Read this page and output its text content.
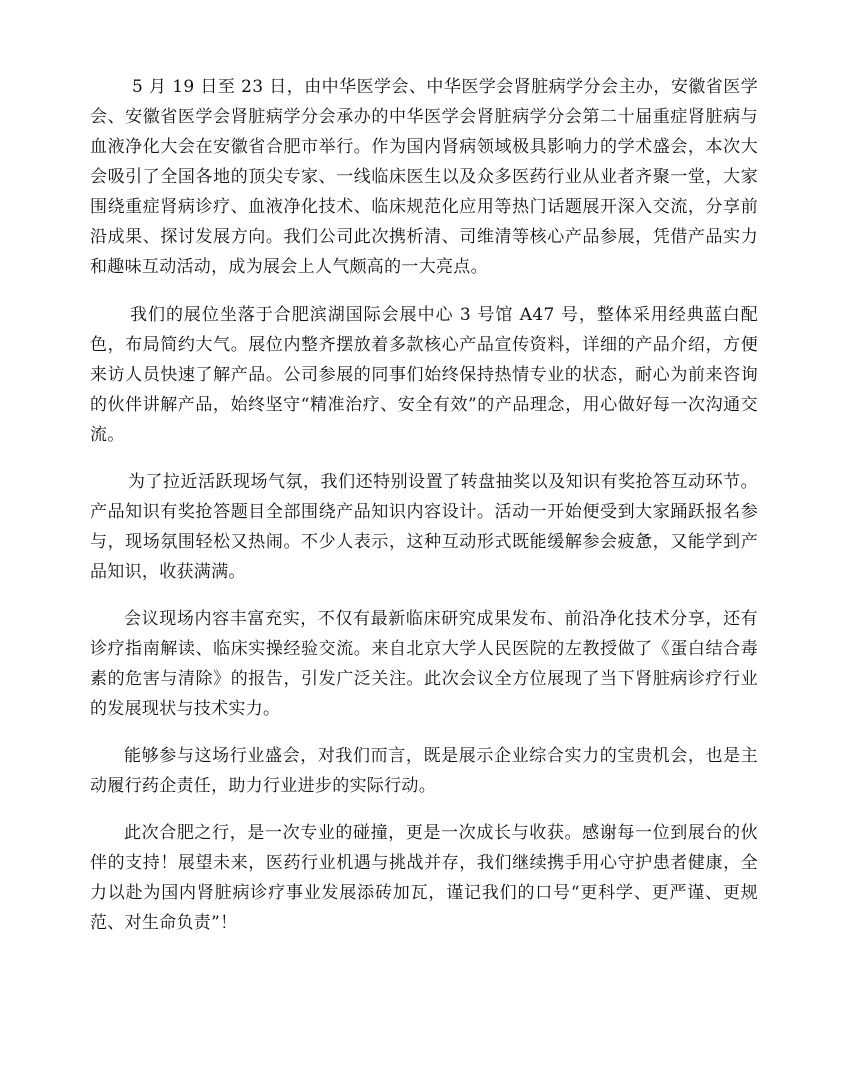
5 月 19 日至 23 日，由中华医学会、中华医学会肾脏病学分会主办，安徽省医学会、安徽省医学会肾脏病学分会承办的中华医学会肾脏病学分会第二十届重症肾脏病与血液净化大会在安徽省合肥市举行。作为国内肾病领域极具影响力的学术盛会，本次大会吸引了全国各地的顶尖专家、一线临床医生以及众多医药行业从业者齐聚一堂，大家围绕重症肾病诊疗、血液净化技术、临床规范化应用等热门话题展开深入交流，分享前沿成果、探讨发展方向。我们公司此次携析清、司维清等核心产品参展，凭借产品实力和趣味互动活动，成为展会上人气颇高的一大亮点。

我们的展位坐落于合肥滨湖国际会展中心 3 号馆 A47 号，整体采用经典蓝白配色，布局简约大气。展位内整齐摆放着多款核心产品宣传资料，详细的产品介绍，方便来访人员快速了解产品。公司参展的同事们始终保持热情专业的状态，耐心为前来咨询的伙伴讲解产品，始终坚守“精准治疗、安全有效”的产品理念，用心做好每一次沟通交流。

为了拉近活跃现场气氛，我们还特别设置了转盘抽奖以及知识有奖抢答互动环节。产品知识有奖抢答题目全部围绕产品知识内容设计。活动一开始便受到大家踊跃报名参与，现场氛围轻松又热闹。不少人表示，这种互动形式既能缓解参会疲惫，又能学到产品知识，收获满满。

会议现场内容丰富充实，不仅有最新临床研究成果发布、前沿净化技术分享，还有诊疗指南解读、临床实操经验交流。来自北京大学人民医院的左教授做了《蛋白结合毒素的危害与清除》的报告，引发广泛关注。此次会议全方位展现了当下肾脏病诊疗行业的发展现状与技术实力。

能够参与这场行业盛会，对我们而言，既是展示企业综合实力的宝贵机会，也是主动履行药企责任，助力行业进步的实际行动。

此次合肥之行，是一次专业的碰撞，更是一次成长与收获。感谢每一位到展台的伙伴的支持！展望未来，医药行业机遇与挑战并存，我们继续携手用心守护患者健康，全力以赴为国内肾脏病诊疗事业发展添砖加瓦，谨记我们的口号“更科学、更严谨、更规范、对生命负责”！
